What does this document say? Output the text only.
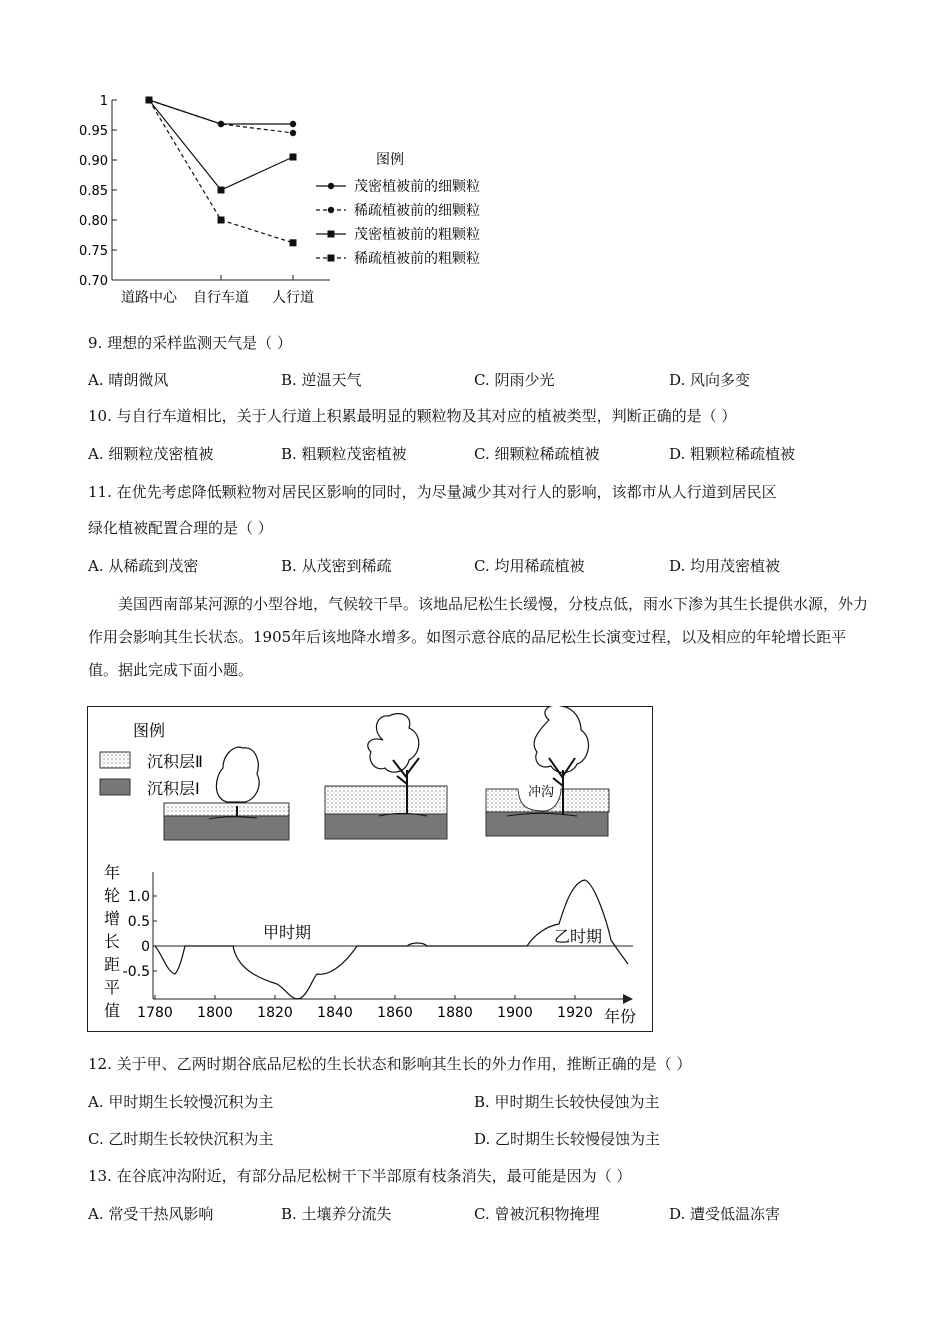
1
0.95
0.90
0.85
0.80
0.75
0.70
道路中心 自行车道 人行道
图例
茂密植被前的细颗粒
稀疏植被前的细颗粒
茂密植被前的粗颗粒
稀疏植被前的粗颗粒
9. 理想的采样监测天气是（ ）
A. 晴朗微风	B. 逆温天气	C. 阴雨少光	D. 风向多变
10. 与自行车道相比，关于人行道上积累最明显的颗粒物及其对应的植被类型，判断正确的是（ ）
A. 细颗粒茂密植被	B. 粗颗粒茂密植被	C. 细颗粒稀疏植被	D. 粗颗粒稀疏植被
11. 在优先考虑降低颗粒物对居民区影响的同时，为尽量减少其对行人的影响，该都市从人行道到居民区
绿化植被配置合理的是（ ）
A. 从稀疏到茂密	B. 从茂密到稀疏	C. 均用稀疏植被	D. 均用茂密植被
美国西南部某河源的小型谷地，气候较干旱。该地品尼松生长缓慢，分枝点低，雨水下渗为其生长提供水源，外力作用会影响其生长状态。1905年后该地降水增多。如图示意谷底的品尼松生长演变过程，以及相应的年轮增长距平值。据此完成下面小题。
图例
沉积层Ⅱ
沉积层Ⅰ	冲沟
年
轮
增
长
距
平
值
1.0
0.5
0
-0.5
1780 1800 1820 1840 1860 1880 1900 1920 年份
甲时期	乙时期
12. 关于甲、乙两时期谷底品尼松的生长状态和影响其生长的外力作用，推断正确的是（ ）
A. 甲时期生长较慢沉积为主	B. 甲时期生长较快侵蚀为主
C. 乙时期生长较快沉积为主	D. 乙时期生长较慢侵蚀为主
13. 在谷底冲沟附近，有部分品尼松树干下半部原有枝条消失，最可能是因为（ ）
A. 常受干热风影响	B. 土壤养分流失	C. 曾被沉积物掩埋	D. 遭受低温冻害
